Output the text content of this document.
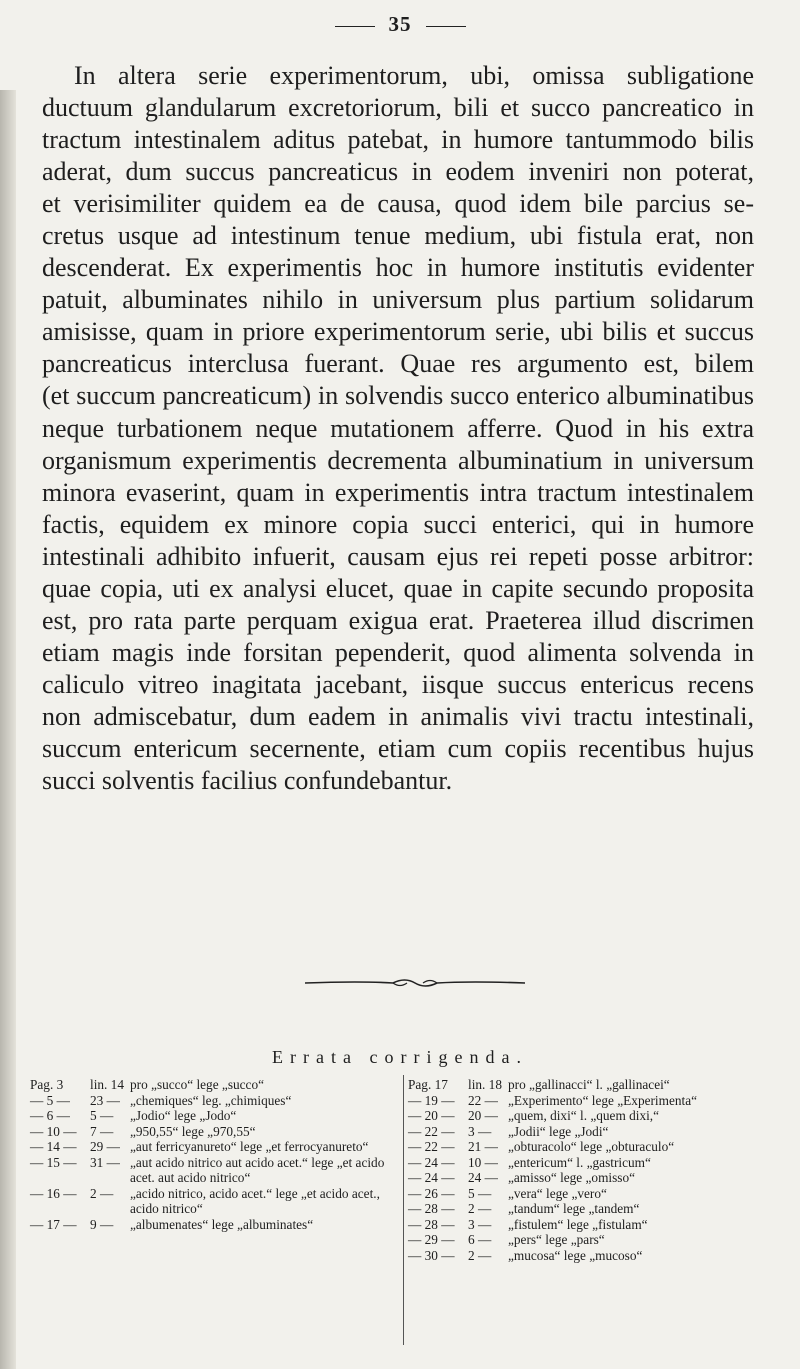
35
In altera serie experimentorum, ubi, omissa subligatione
ductuum glandularum excretoriorum, bili et succo pancreatico in
tractum intestinalem aditus patebat, in humore tantummodo bilis
aderat, dum succus pancreaticus in eodem inveniri non poterat,
et verisimiliter quidem ea de causa, quod idem bile parcius se-
cretus usque ad intestinum tenue medium, ubi fistula erat, non
descenderat. Ex experimentis hoc in humore institutis evidenter
patuit, albuminates nihilo in universum plus partium solidarum
amisisse, quam in priore experimentorum serie, ubi bilis et succus
pancreaticus interclusa fuerant. Quae res argumento est, bilem
(et succum pancreaticum) in solvendis succo enterico albuminatibus
neque turbationem neque mutationem afferre. Quod in his extra
organismum experimentis decrementa albuminatium in universum
minora evaserint, quam in experimentis intra tractum intestinalem
factis, equidem ex minore copia succi enterici, qui in humore
intestinali adhibito infuerit, causam ejus rei repeti posse arbitror:
quae copia, uti ex analysi elucet, quae in capite secundo proposita
est, pro rata parte perquam exigua erat. Praeterea illud discrimen
etiam magis inde forsitan pependerit, quod alimenta solvenda in
caliculo vitreo inagitata jacebant, iisque succus entericus recens
non admiscebatur, dum eadem in animalis vivi tractu intestinali,
succum entericum secernente, etiam cum copiis recentibus hujus
succi solventis facilius confundebantur.
Errata corrigenda.
Pag. 3	lin. 14 pro „succo“ lege „succo“
— 5 —	23 — „chemiques“ leg. „chimiques“
— 6 —	5 —	„Jodio“ lege „Jodo“
— 10 —	7 —	„950,55“ lege „970,55“
— 14 —	29 — „aut ferricyanureto“ lege „et ferrocyanureto“
— 15 —	31 — „aut acido nitrico aut acido acet.“ lege „et acido acet. aut acido nitrico“
— 16 —	2 —	„acido nitrico, acido acet.“ lege „et acido acet., acido nitrico“
— 17 —	9 —	„albumenates“ lege „albuminates“
Pag. 17	lin. 18 pro „gallinacci“ l. „gallinacei“
— 19 —	22 — „Experimento“ lege „Experimenta“
— 20 —	20 — „quem, dixi“ l. „quem dixi,“
— 22 —	3 —	„Jodii“ lege „Jodi“
— 22 —	21 — „obturacolo“ lege „obturaculo“
— 24 —	10 — „entericum“ l. „gastricum“
— 24 —	24 — „amisso“ lege „omisso“
— 26 —	5 —	„vera“ lege „vero“
— 28 —	2 —	„tandum“ lege „tandem“
— 28 —	3 —	„fistulem“ lege „fistulam“
— 29 —	6 —	„pers“ lege „pars“
— 30 —	2 —	„mucosa“ lege „mucoso“
